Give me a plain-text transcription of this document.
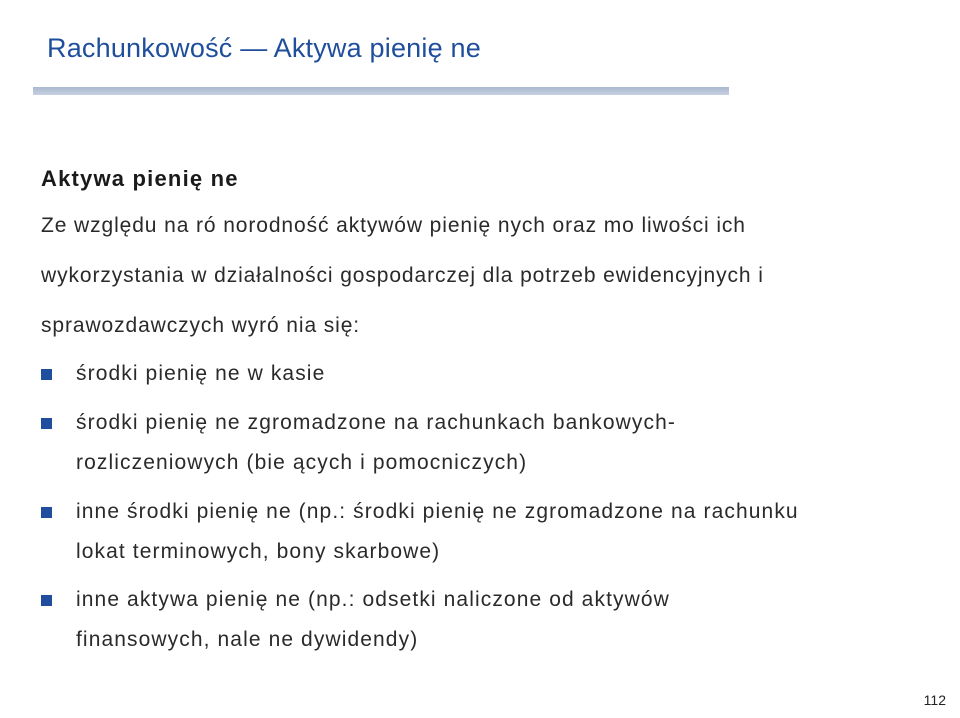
Rachunkowość — Aktywa pienię ne
Aktywa pienię ne
Ze względu na ró norodność aktywów pienię nych oraz mo liwości ich
wykorzystania w działalności gospodarczej dla potrzeb ewidencyjnych i
sprawozdawczych wyró nia się:
środki pienię ne w kasie
środki pienię ne zgromadzone na rachunkach bankowych-
rozliczeniowych (bie ących i pomocniczych)
inne środki pienię ne (np.: środki pienię ne zgromadzone na rachunku
lokat terminowych, bony skarbowe)
inne aktywa pienię ne (np.: odsetki naliczone od aktywów
finansowych, nale ne dywidendy)
112
